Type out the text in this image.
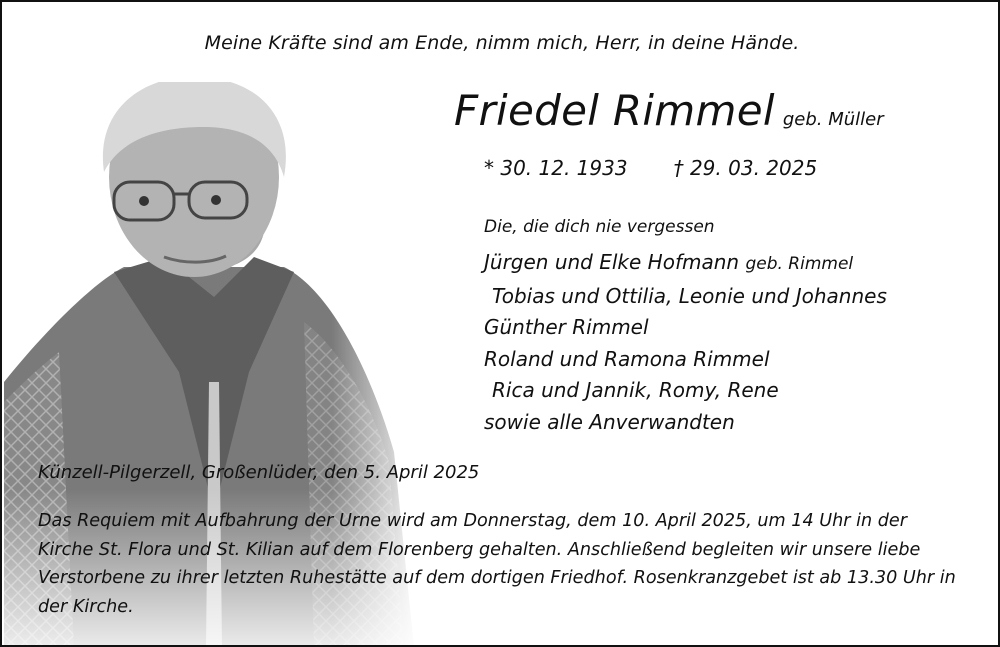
Meine Kräfte sind am Ende, nimm mich, Herr, in deine Hände.
Friedel Rimmel geb. Müller
* 30. 12. 1933 † 29. 03. 2025
Die, die dich nie vergessen
Jürgen und Elke Hofmann geb. Rimmel
Tobias und Ottilia, Leonie und Johannes
Günther Rimmel
Roland und Ramona Rimmel
Rica und Jannik, Romy, Rene
sowie alle Anverwandten
Künzell-Pilgerzell, Großenlüder, den 5. April 2025
Das Requiem mit Aufbahrung der Urne wird am Donnerstag, dem 10. April 2025, um 14 Uhr in der
Kirche St. Flora und St. Kilian auf dem Florenberg gehalten. Anschließend begleiten wir unsere liebe
Verstorbene zu ihrer letzten Ruhestätte auf dem dortigen Friedhof. Rosenkranzgebet ist ab 13.30 Uhr in
der Kirche.
